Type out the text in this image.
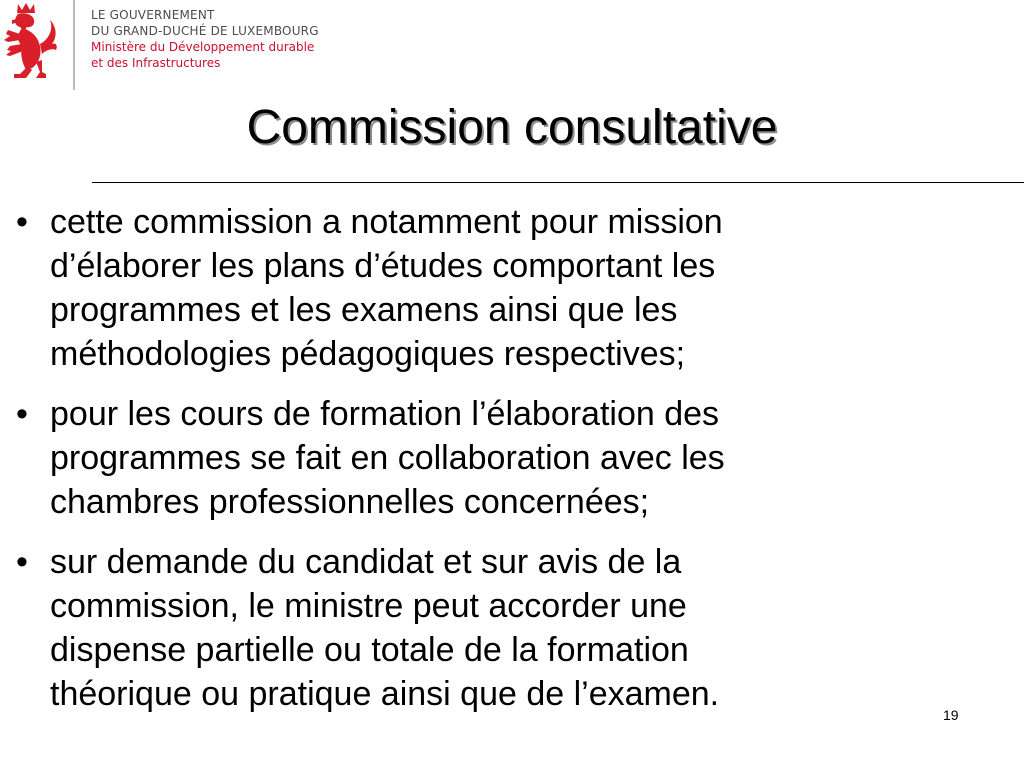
LE GOUVERNEMENT
DU GRAND-DUCHÉ DE LUXEMBOURG
Ministère du Développement durable
et des Infrastructures
Commission consultative
• cette commission a notamment pour mission
d’élaborer les plans d’études comportant les
programmes et les examens ainsi que les
méthodologies pédagogiques respectives;
• pour les cours de formation l’élaboration des
programmes se fait en collaboration avec les
chambres professionnelles concernées;
• sur demande du candidat et sur avis de la
commission, le ministre peut accorder une
dispense partielle ou totale de la formation
théorique ou pratique ainsi que de l’examen.
19
